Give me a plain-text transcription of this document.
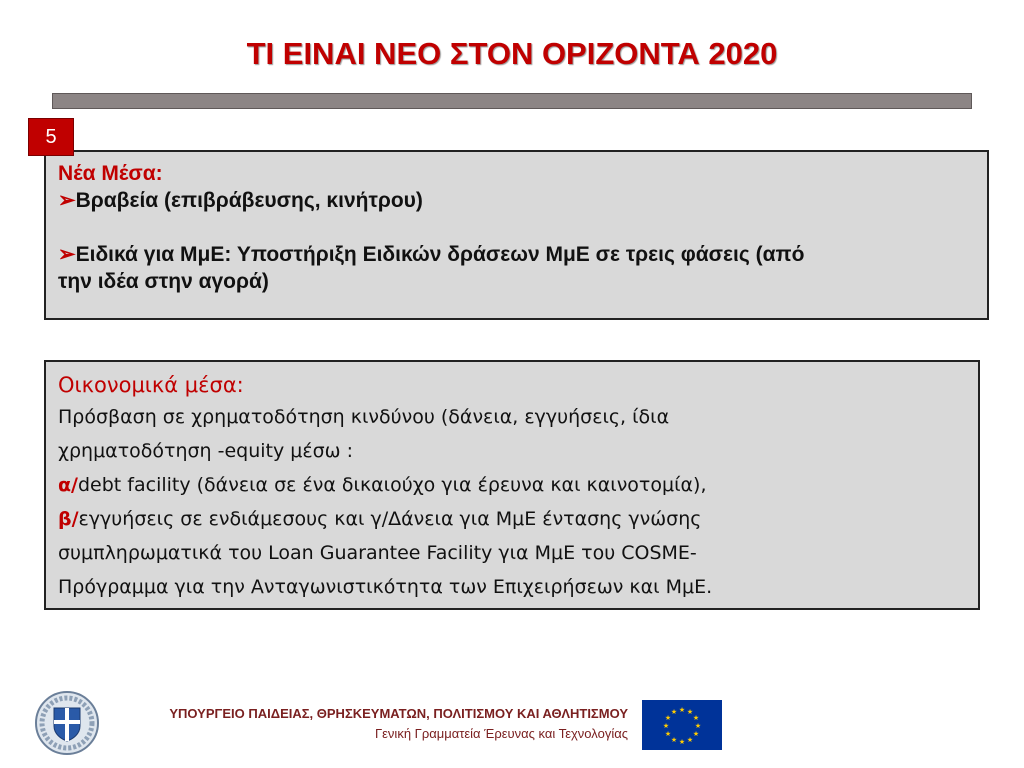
ΤΙ ΕΙΝΑΙ ΝΕΟ ΣΤΟΝ ΟΡΙΖΟΝΤΑ 2020
5
Νέα Μέσα:
➢Βραβεία (επιβράβευσης, κινήτρου)
➢Ειδικά για ΜμΕ: Υποστήριξη Ειδικών δράσεων ΜμΕ σε τρεις φάσεις (από
την ιδέα στην αγορά)
Οικονομικά μέσα:
Πρόσβαση σε χρηματοδότηση κινδύνου (δάνεια, εγγυήσεις, ίδια
χρηματοδότηση -equity μέσω :
α/debt facility (δάνεια σε ένα δικαιούχο για έρευνα και καινοτομία),
β/εγγυήσεις σε ενδιάμεσους και γ/Δάνεια για ΜμΕ έντασης γνώσης
συμπληρωματικά του Loan Guarantee Facility για ΜμΕ του COSME-
Πρόγραμμα για την Ανταγωνιστικότητα των Επιχειρήσεων και ΜμΕ.
ΥΠΟΥΡΓΕΙΟ ΠΑΙΔΕΙΑΣ, ΘΡΗΣΚΕΥΜΑΤΩΝ, ΠΟΛΙΤΙΣΜΟΥ ΚΑΙ ΑΘΛΗΤΙΣΜΟΥ
Γενική Γραμματεία Έρευνας και Τεχνολογίας
★ ★
★
★
★
★
★
★
★
★
★
★
